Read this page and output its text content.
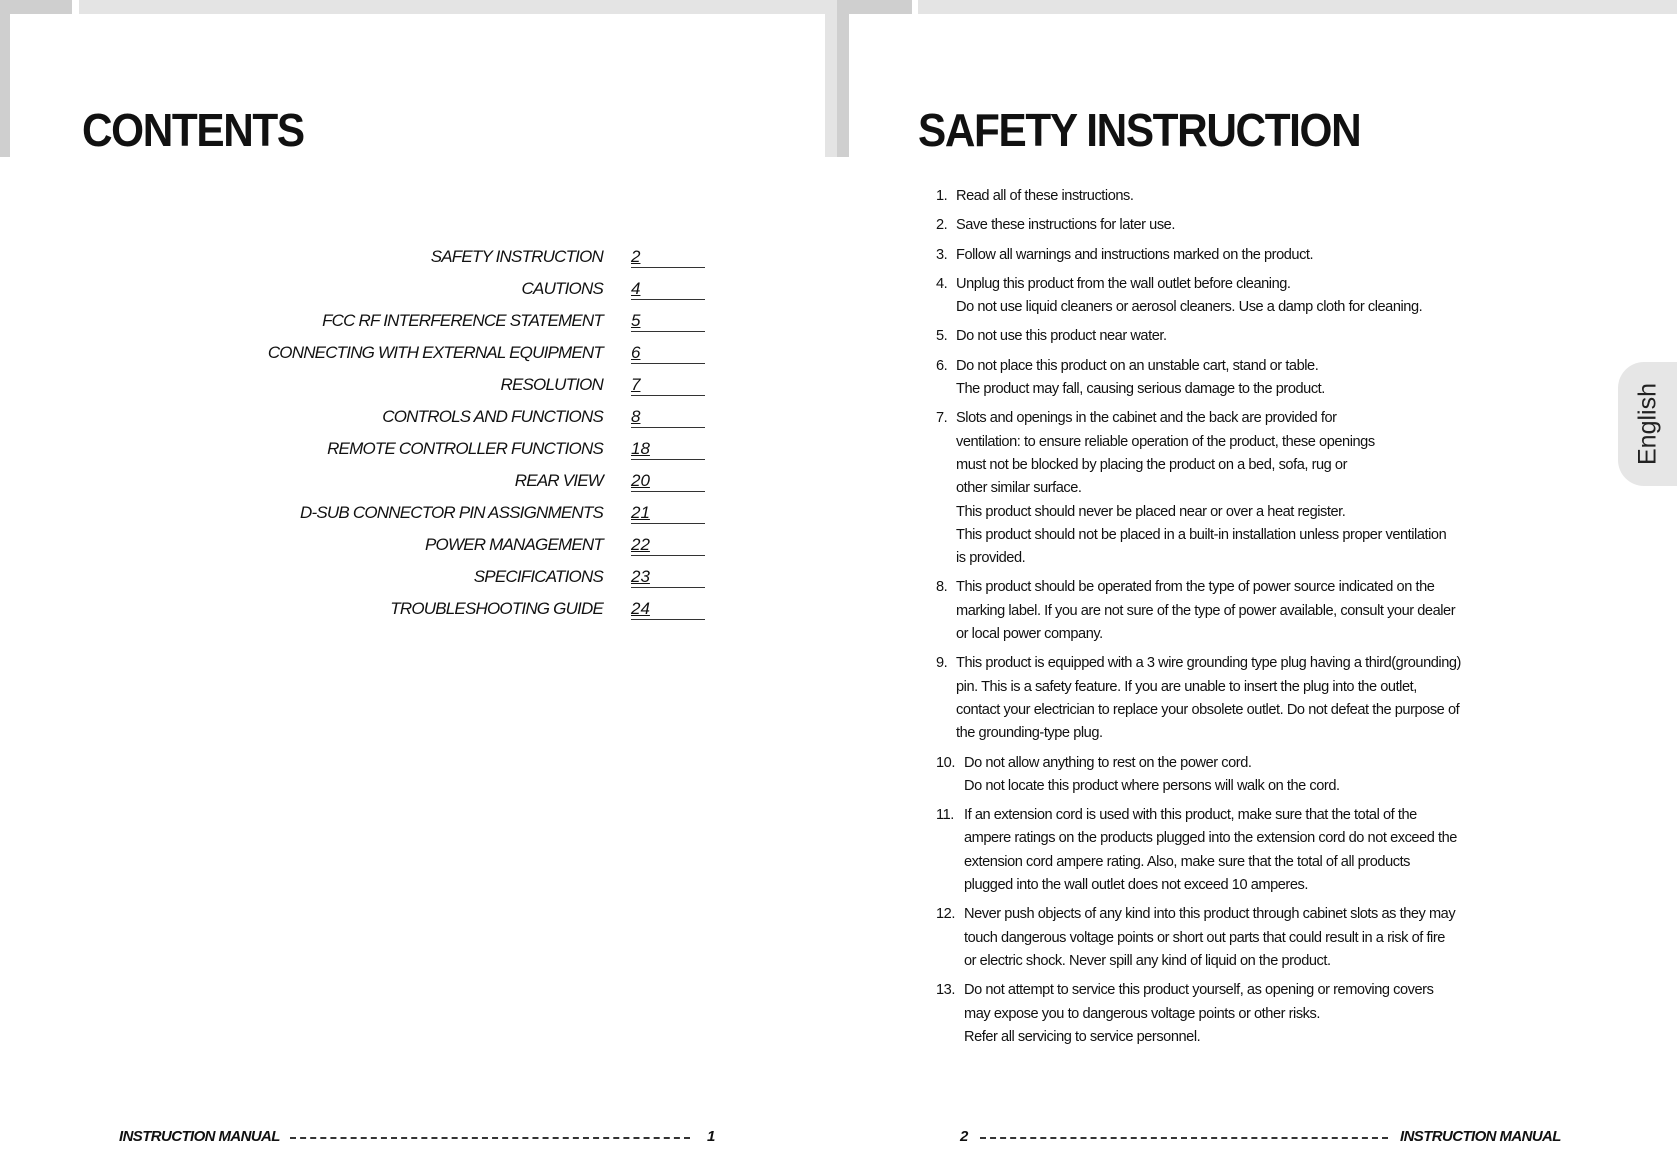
CONTENTS
SAFETY INSTRUCTION 2
CAUTIONS 4
FCC RF INTERFERENCE STATEMENT 5
CONNECTING WITH EXTERNAL EQUIPMENT 6
RESOLUTION 7
CONTROLS AND FUNCTIONS 8
REMOTE CONTROLLER FUNCTIONS 18
REAR VIEW 20
D-SUB CONNECTOR PIN ASSIGNMENTS 21
POWER MANAGEMENT 22
SPECIFICATIONS 23
TROUBLESHOOTING GUIDE 24
INSTRUCTION MANUAL	1
SAFETY INSTRUCTION
1. Read all of these instructions.
2. Save these instructions for later use.
3. Follow all warnings and instructions marked on the product.
4. Unplug this product from the wall outlet before cleaning.
Do not use liquid cleaners or aerosol cleaners. Use a damp cloth for cleaning.
5. Do not use this product near water.
6. Do not place this product on an unstable cart, stand or table.
The product may fall, causing serious damage to the product.
7. Slots and openings in the cabinet and the back are provided for
ventilation: to ensure reliable operation of the product, these openings
must not be blocked by placing the product on a bed, sofa, rug or
other similar surface.
This product should never be placed near or over a heat register.
This product should not be placed in a built-in installation unless proper ventilation
is provided.
8. This product should be operated from the type of power source indicated on the
marking label. If you are not sure of the type of power available, consult your dealer
or local power company.
9. This product is equipped with a 3 wire grounding type plug having a third(grounding)
pin. This is a safety feature. If you are unable to insert the plug into the outlet,
contact your electrician to replace your obsolete outlet. Do not defeat the purpose of
the grounding-type plug.
10. Do not allow anything to rest on the power cord.
Do not locate this product where persons will walk on the cord.
11. If an extension cord is used with this product, make sure that the total of the
ampere ratings on the products plugged into the extension cord do not exceed the
extension cord ampere rating. Also, make sure that the total of all products
plugged into the wall outlet does not exceed 10 amperes.
12. Never push objects of any kind into this product through cabinet slots as they may
touch dangerous voltage points or short out parts that could result in a risk of fire
or electric shock. Never spill any kind of liquid on the product.
13. Do not attempt to service this product yourself, as opening or removing covers
may expose you to dangerous voltage points or other risks.
Refer all servicing to service personnel.
2	INSTRUCTION MANUAL
English
